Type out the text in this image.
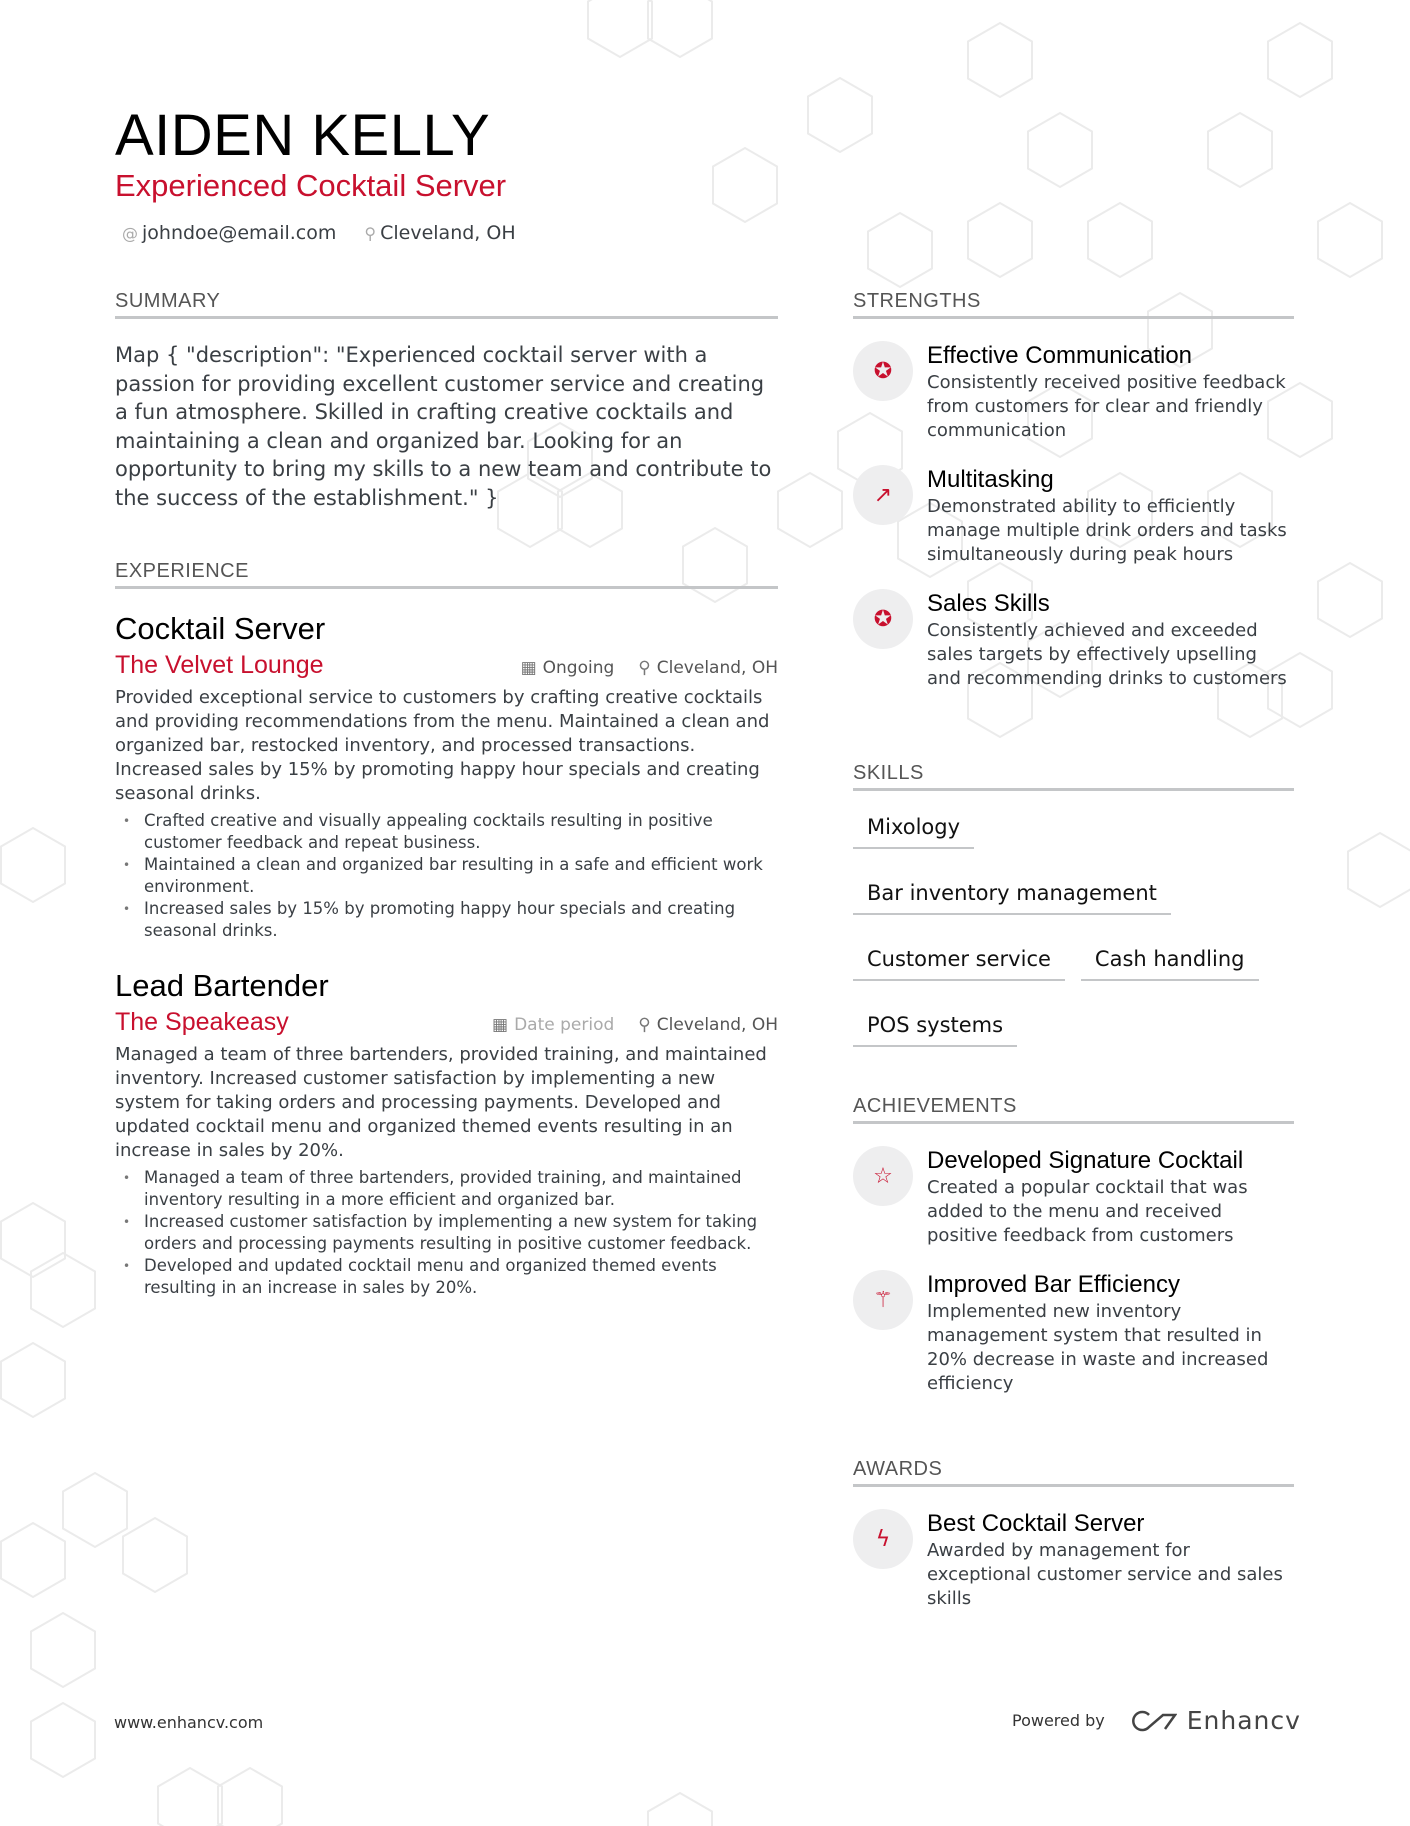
AIDEN KELLY
Experienced Cocktail Server
@ johndoe@email.com ⚲ Cleveland, OH
SUMMARY
Map { "description": "Experienced cocktail server with a passion for providing excellent customer service and creating a fun atmosphere. Skilled in crafting creative cocktails and maintaining a clean and organized bar. Looking for an opportunity to bring my skills to a new team and contribute to the success of the establishment." }
EXPERIENCE
Cocktail Server
The Velvet Lounge	▦ Ongoing ⚲ Cleveland, OH
Provided exceptional service to customers by crafting creative cocktails and providing recommendations from the menu. Maintained a clean and organized bar, restocked inventory, and processed transactions. Increased sales by 15% by promoting happy hour specials and creating seasonal drinks.
• Crafted creative and visually appealing cocktails resulting in positive customer feedback and repeat business.
• Maintained a clean and organized bar resulting in a safe and efficient work environment.
• Increased sales by 15% by promoting happy hour specials and creating seasonal drinks.
Lead Bartender
The Speakeasy	▦ Date period ⚲ Cleveland, OH
Managed a team of three bartenders, provided training, and maintained inventory. Increased customer satisfaction by implementing a new system for taking orders and processing payments. Developed and updated cocktail menu and organized themed events resulting in an increase in sales by 20%.
• Managed a team of three bartenders, provided training, and maintained inventory resulting in a more efficient and organized bar.
• Increased customer satisfaction by implementing a new system for taking orders and processing payments resulting in positive customer feedback.
• Developed and updated cocktail menu and organized themed events resulting in an increase in sales by 20%.
STRENGTHS
✪
Effective Communication
Consistently received positive feedback from customers for clear and friendly communication
↗
Multitasking
Demonstrated ability to efficiently manage multiple drink orders and tasks simultaneously during peak hours
✪
Sales Skills
Consistently achieved and exceeded sales targets by effectively upselling and recommending drinks to customers
SKILLS
Mixology
Bar inventory management
Customer service	Cash handling
POS systems
ACHIEVEMENTS
☆
Developed Signature Cocktail
Created a popular cocktail that was added to the menu and received positive feedback from customers
⚚
Improved Bar Efficiency
Implemented new inventory management system that resulted in 20% decrease in waste and increased efficiency
AWARDS
ϟ
Best Cocktail Server
Awarded by management for exceptional customer service and sales skills
www.enhancv.com	Powered by	Enhancv
